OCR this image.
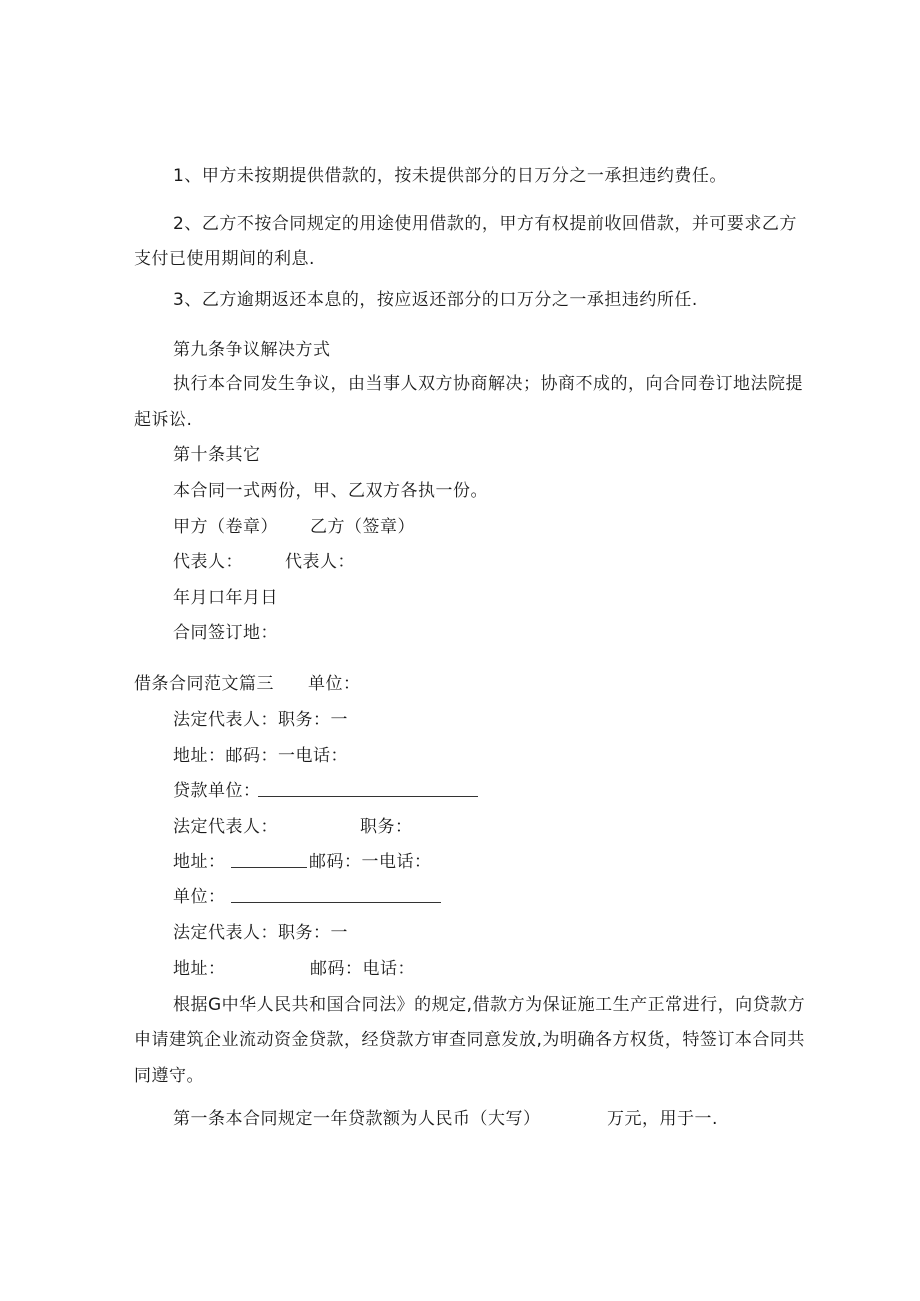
1、甲方未按期提供借款的，按未提供部分的日万分之一承担违约费任。
2、乙方不按合同规定的用途使用借款的，甲方有权提前收回借款，并可要求乙方
支付已使用期间的利息.
3、乙方逾期返还本息的，按应返还部分的口万分之一承担违约所任.
第九条争议解决方式
执行本合同发生争议，由当事人双方协商解决；协商不成的，向合同卷订地法院提
起诉讼.
第十条其它
本合同一式两份，甲、乙双方各执一份。
甲方（卷章） 乙方（签章）
代表人： 代表人：
年月口年月日
合同签订地：
借条合同范文篇三 单位：
法定代表人：职务：一
地址：邮码：一电话：
贷款单位：
法定代表人：	职务：
地址：	邮码：一电话：
单位：
法定代表人：职务：一
地址：	邮码：电话：
根据G中华人民共和国合同法》的规定,借款方为保证施工生产正常进行，向贷款方
申请建筑企业流动资金贷款，经贷款方审查同意发放,为明确各方权货，特签订本合同共
同遵守。
第一条本合同规定一年贷款额为人民币（大写）	万元，用于一.
